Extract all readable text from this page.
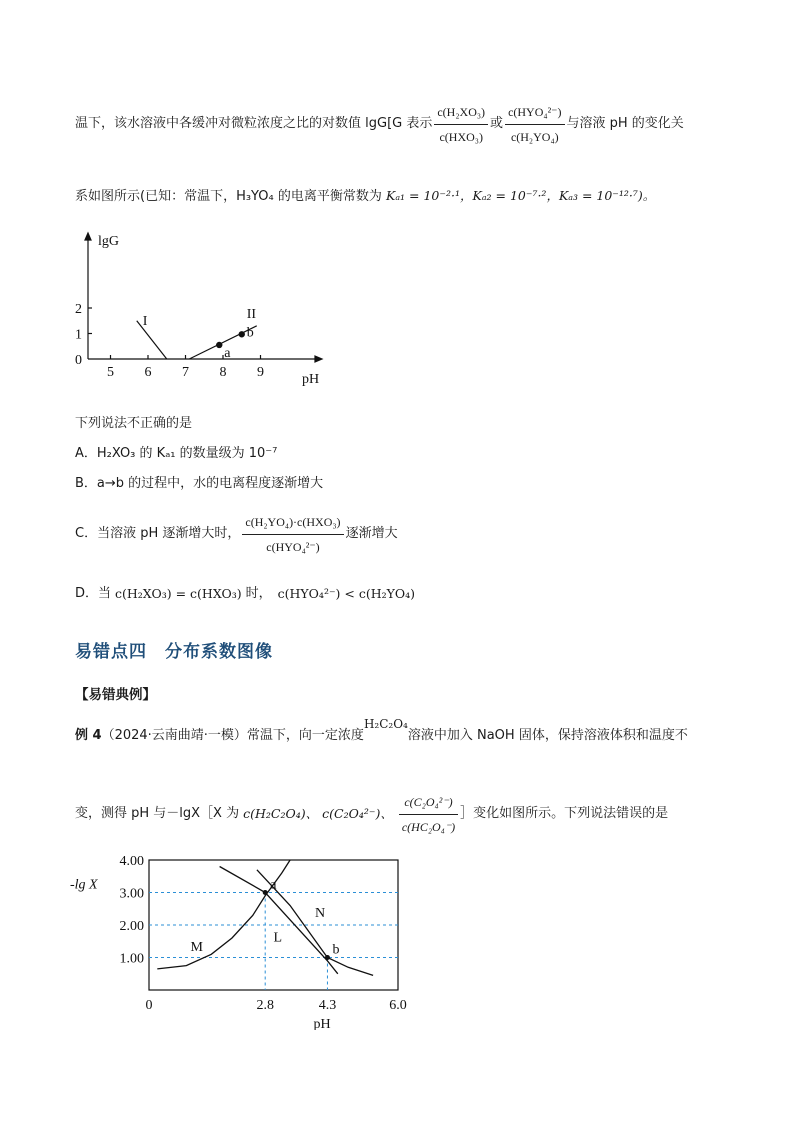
温下，该水溶液中各缓冲对微粒浓度之比的对数值 lgG[G 表示 $\frac{\text{c(H₂XO₃)}}{\text{c(HXO₃)}}$ 或 $\frac{\text{c(HYO₄²⁻)}}{\text{c(H₂YO₄)}}$ 与溶液 pH 的变化关
系如图所示(已知：常温下，H₃YO₄ 的电离平衡常数为 Kₐ₁ = 10⁻²·¹，Kₐ₂ = 10⁻⁷·²，Kₐ₃ = 10⁻¹²·⁷)。
5 6 7 8 9
0
1
2
lgG
pH
I	II
a
b
下列说法不正确的是
A．H₂XO₃ 的 Kₐ₁ 的数量级为 10⁻⁷
B．a→b 的过程中，水的电离程度逐渐增大
C．当溶液 pH 逐渐增大时， $\frac{\text{c(H₂YO₄)·c(HXO₃)}}{\text{c(HYO₄²⁻)}}$ 逐渐增大
D．当 c(H₂XO₃) = c(HXO₃) 时， c(HYO₄²⁻) < c(H₂YO₄)
易错点四　分布系数图像
【易错典例】
例 4 （2024·云南曲靖·一模）常温下，向一定浓度
H₂C₂O₄
溶液中加入 NaOH 固体，保持溶液体积和温度不
变，测得 pH 与－lgX［X 为 c(H₂C₂O₄)、 c(C₂O₄²⁻)、 $\frac{\text{c(C₂O₄²⁻)}}{\text{c(HC₂O₄⁻)}}$ ］变化如图所示。下列说法错误的是
1.00
2.00
3.00
4.00
0	2.8	4.3	6.0
-lg X
pH
M
L
N
a
b
